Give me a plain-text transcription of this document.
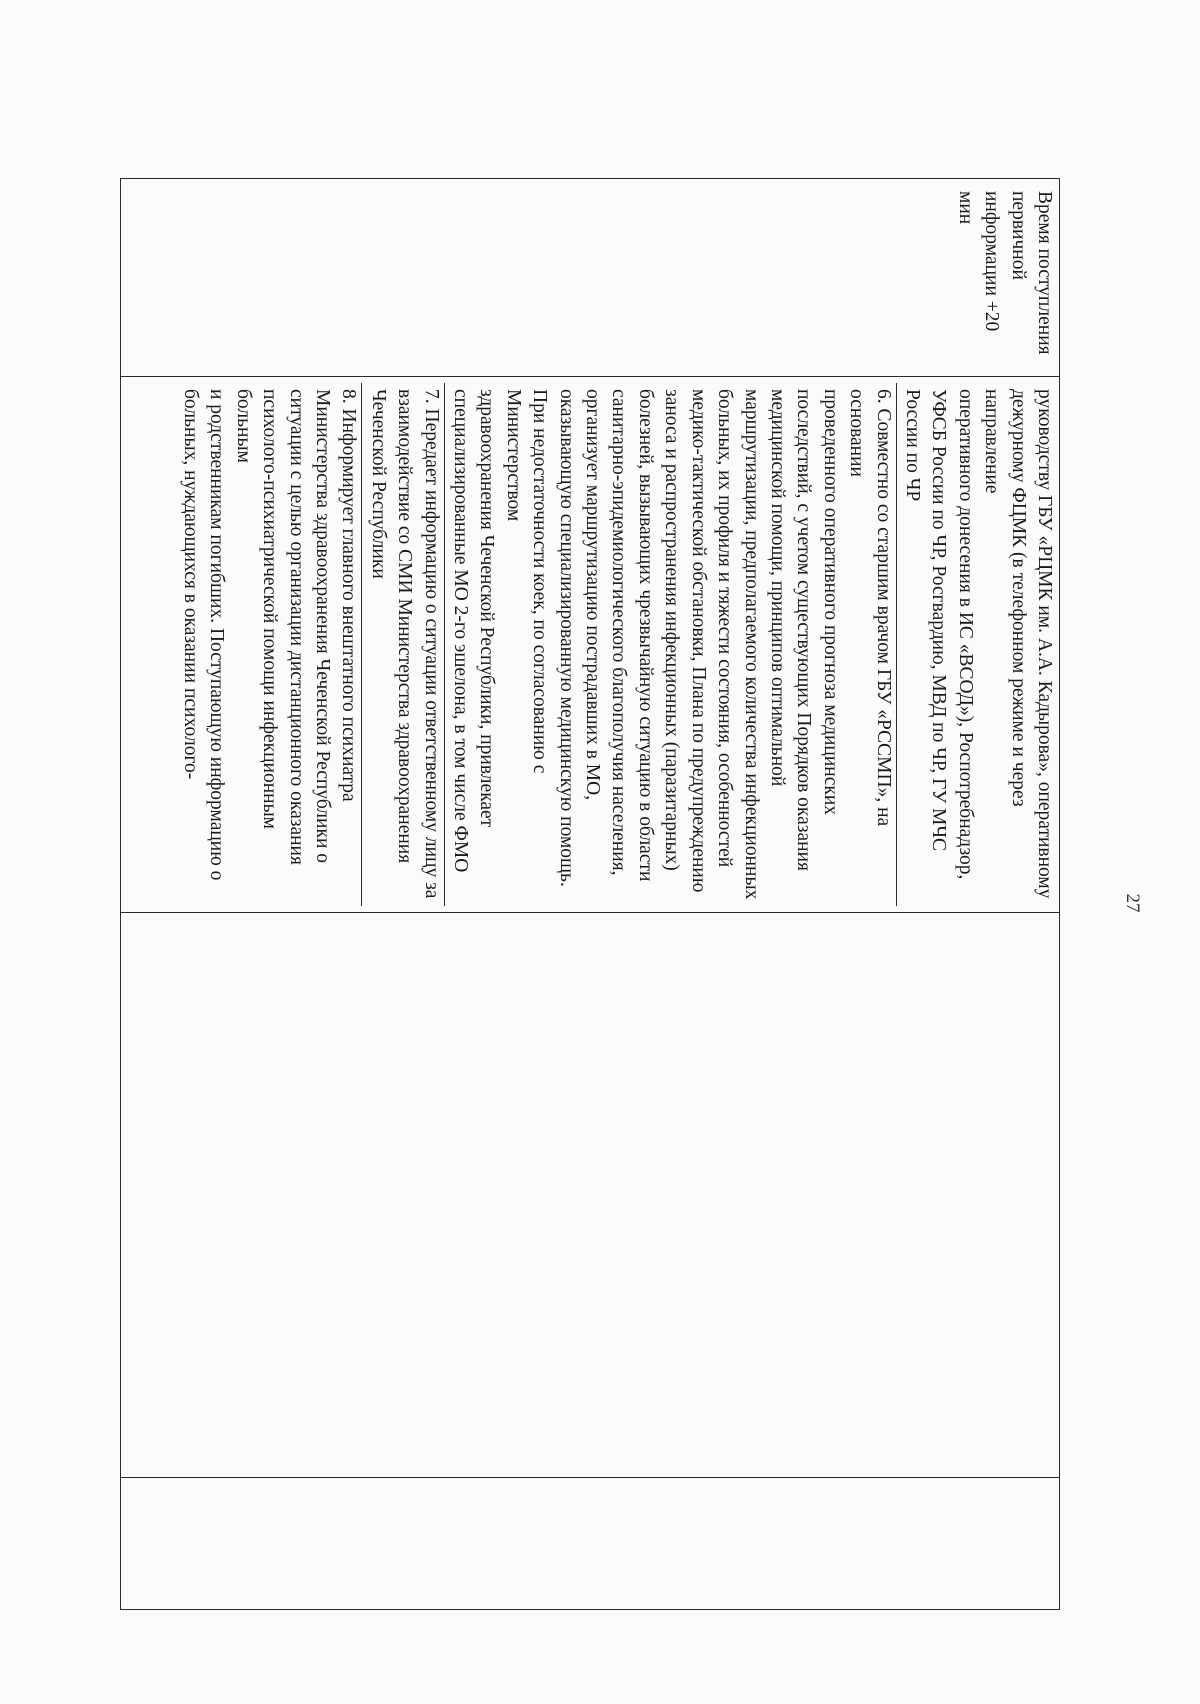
27
Время поступления
первичной
информации +20 мин

руководству ГБУ «РЦМК им. А.А. Кадырова», оперативному
дежурному ФЦМК (в телефонном режиме и через направление
оперативного донесения в ИС «ВСОД»), Роспотребнадзор,
УФСБ России по ЧР, Росгвардию, МВД по ЧР, ГУ МЧС
России по ЧР
6. Совместно со старшим врачом ГБУ «РССМП», на основании
проведенного оперативного прогноза медицинских
последствий, с учетом существующих Порядков оказания
медицинской помощи, принципов оптимальной
маршрутизации, предполагаемого количества инфекционных
больных, их профиля и тяжести состояния, особенностей
медико-тактической обстановки, Плана по предупреждению
заноса и распространения инфекционных (паразитарных)
болезней, вызывающих чрезвычайную ситуацию в области
санитарно-эпидемиологического благополучия населения,
организует маршрутизацию пострадавших в МО,
оказывающую специализированную медицинскую помощь.
При недостаточности коек, по согласованию с Министерством
здравоохранения Чеченской Республики, привлекает
специализированные МО 2-го эшелона, в том числе ФМО
7. Передает информацию о ситуации ответственному лицу за
взаимодействие со СМИ Министерства здравоохранения
Чеченской Республики
8. Информирует главного внештатного психиатра
Министерства здравоохранения Чеченской Республики о
ситуации с целью организации дистанционного оказания
психолого-психиатрической помощи инфекционным больным
и родственникам погибших. Поступающую информацию о
больных, нуждающихся в оказании психолого-
